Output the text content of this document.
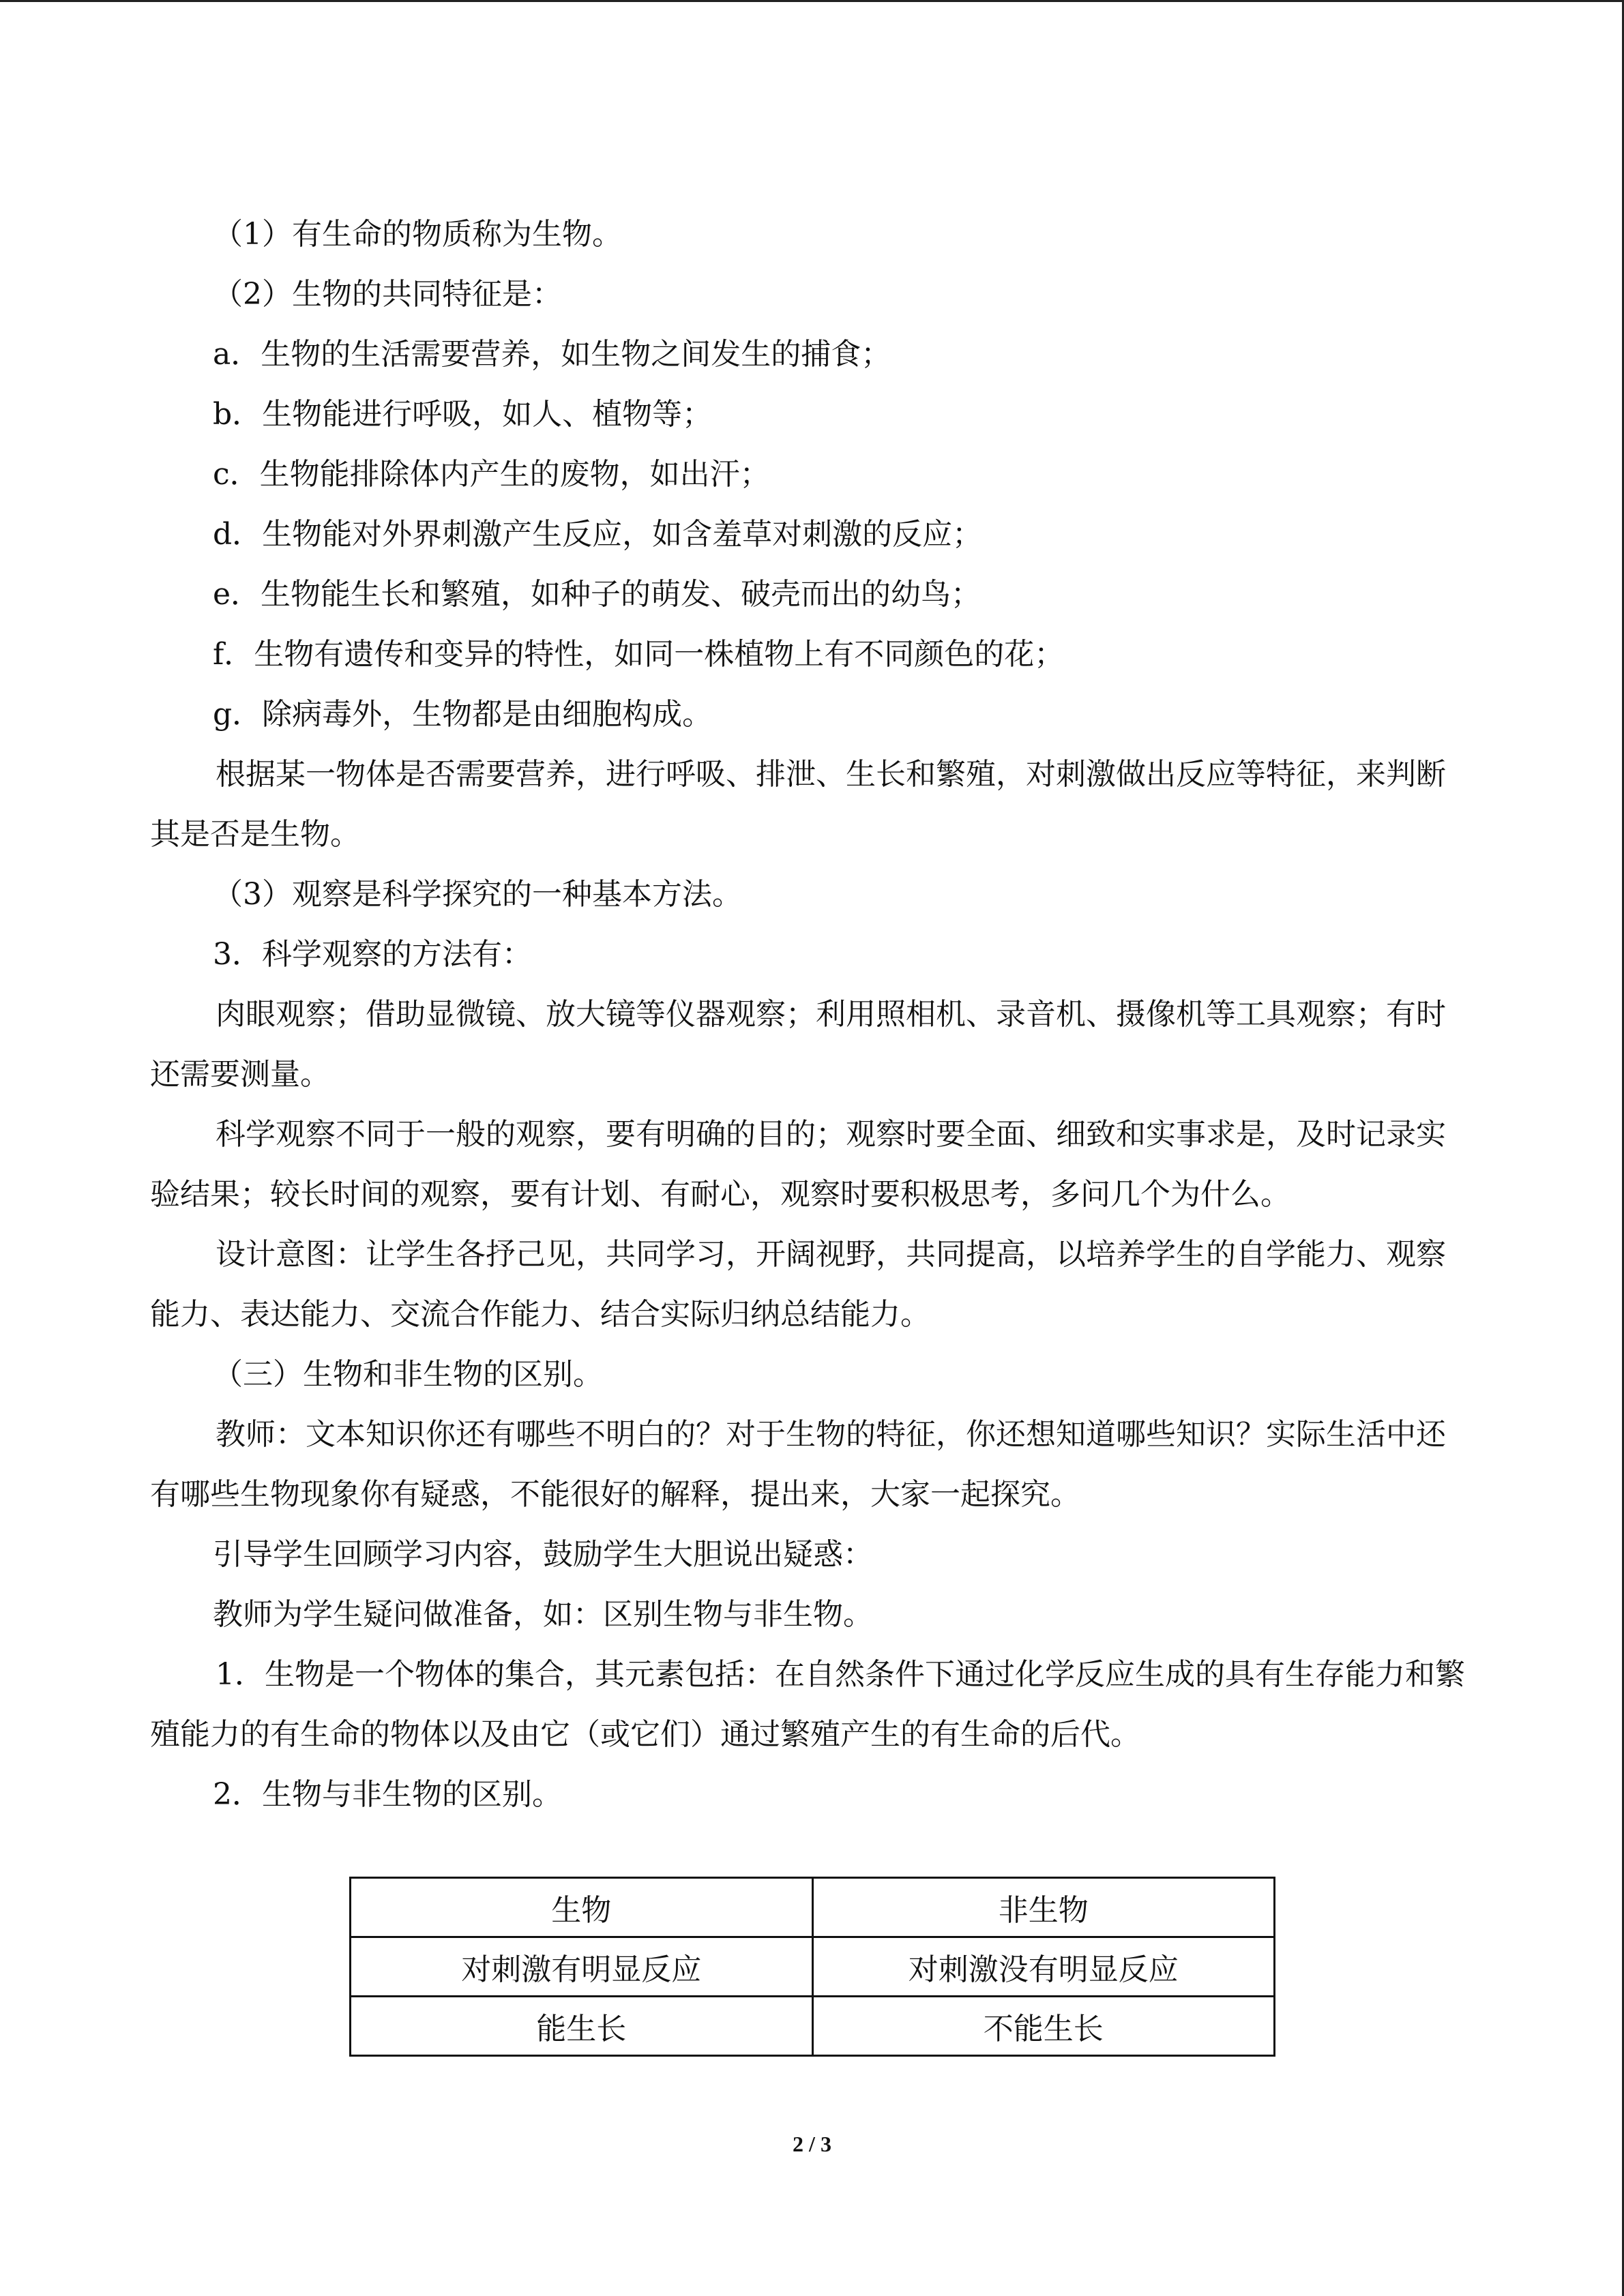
（1）有生命的物质称为生物。

（2）生物的共同特征是：

a．生物的生活需要营养，如生物之间发生的捕食；

b．生物能进行呼吸，如人、植物等；

c．生物能排除体内产生的废物，如出汗；

d．生物能对外界刺激产生反应，如含羞草对刺激的反应；

e．生物能生长和繁殖，如种子的萌发、破壳而出的幼鸟；

f．生物有遗传和变异的特性，如同一株植物上有不同颜色的花；

g．除病毒外，生物都是由细胞构成。

根据某一物体是否需要营养，进行呼吸、排泄、生长和繁殖，对刺激做出反应等特征，来判断其是否是生物。

（3）观察是科学探究的一种基本方法。

3．科学观察的方法有：

肉眼观察；借助显微镜、放大镜等仪器观察；利用照相机、录音机、摄像机等工具观察；有时还需要测量。

科学观察不同于一般的观察，要有明确的目的；观察时要全面、细致和实事求是，及时记录实验结果；较长时间的观察，要有计划、有耐心，观察时要积极思考，多问几个为什么。

设计意图：让学生各抒己见，共同学习，开阔视野，共同提高，以培养学生的自学能力、观察能力、表达能力、交流合作能力、结合实际归纳总结能力。

（三）生物和非生物的区别。

教师：文本知识你还有哪些不明白的？对于生物的特征，你还想知道哪些知识？实际生活中还有哪些生物现象你有疑惑，不能很好的解释，提出来，大家一起探究。

引导学生回顾学习内容，鼓励学生大胆说出疑惑：

教师为学生疑问做准备，如：区别生物与非生物。

1．生物是一个物体的集合，其元素包括：在自然条件下通过化学反应生成的具有生存能力和繁殖能力的有生命的物体以及由它（或它们）通过繁殖产生的有生命的后代。

2．生物与非生物的区别。

生物	非生物
对刺激有明显反应	对刺激没有明显反应
能生长	不能生长
2 / 3
